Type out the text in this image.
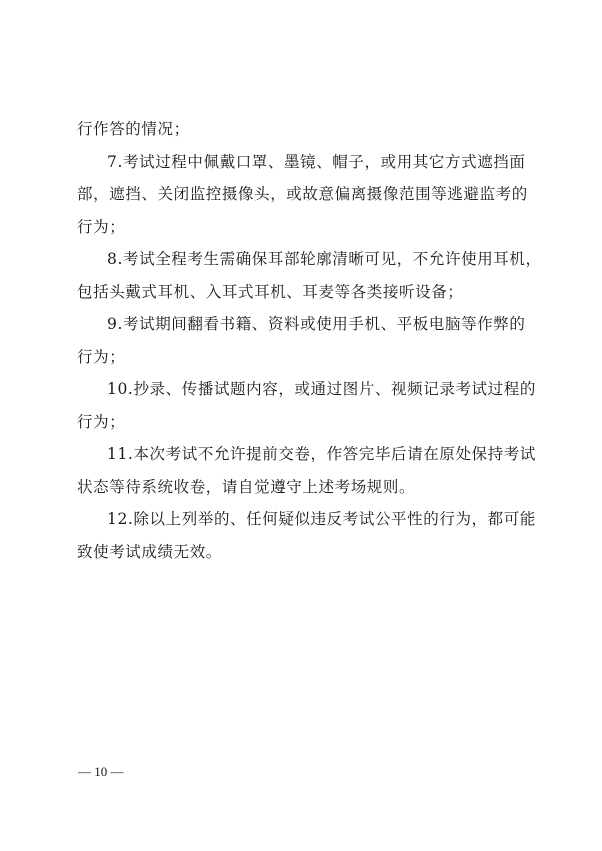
行作答的情况；
7.考试过程中佩戴口罩、墨镜、帽子，或用其它方式遮挡面
部，遮挡、关闭监控摄像头，或故意偏离摄像范围等逃避监考的
行为；
8.考试全程考生需确保耳部轮廓清晰可见，不允许使用耳机，
包括头戴式耳机、入耳式耳机、耳麦等各类接听设备；
9.考试期间翻看书籍、资料或使用手机、平板电脑等作弊的
行为；
10.抄录、传播试题内容，或通过图片、视频记录考试过程的
行为；
11.本次考试不允许提前交卷，作答完毕后请在原处保持考试
状态等待系统收卷，请自觉遵守上述考场规则。
12.除以上列举的、任何疑似违反考试公平性的行为，都可能
致使考试成绩无效。
— 10 —
